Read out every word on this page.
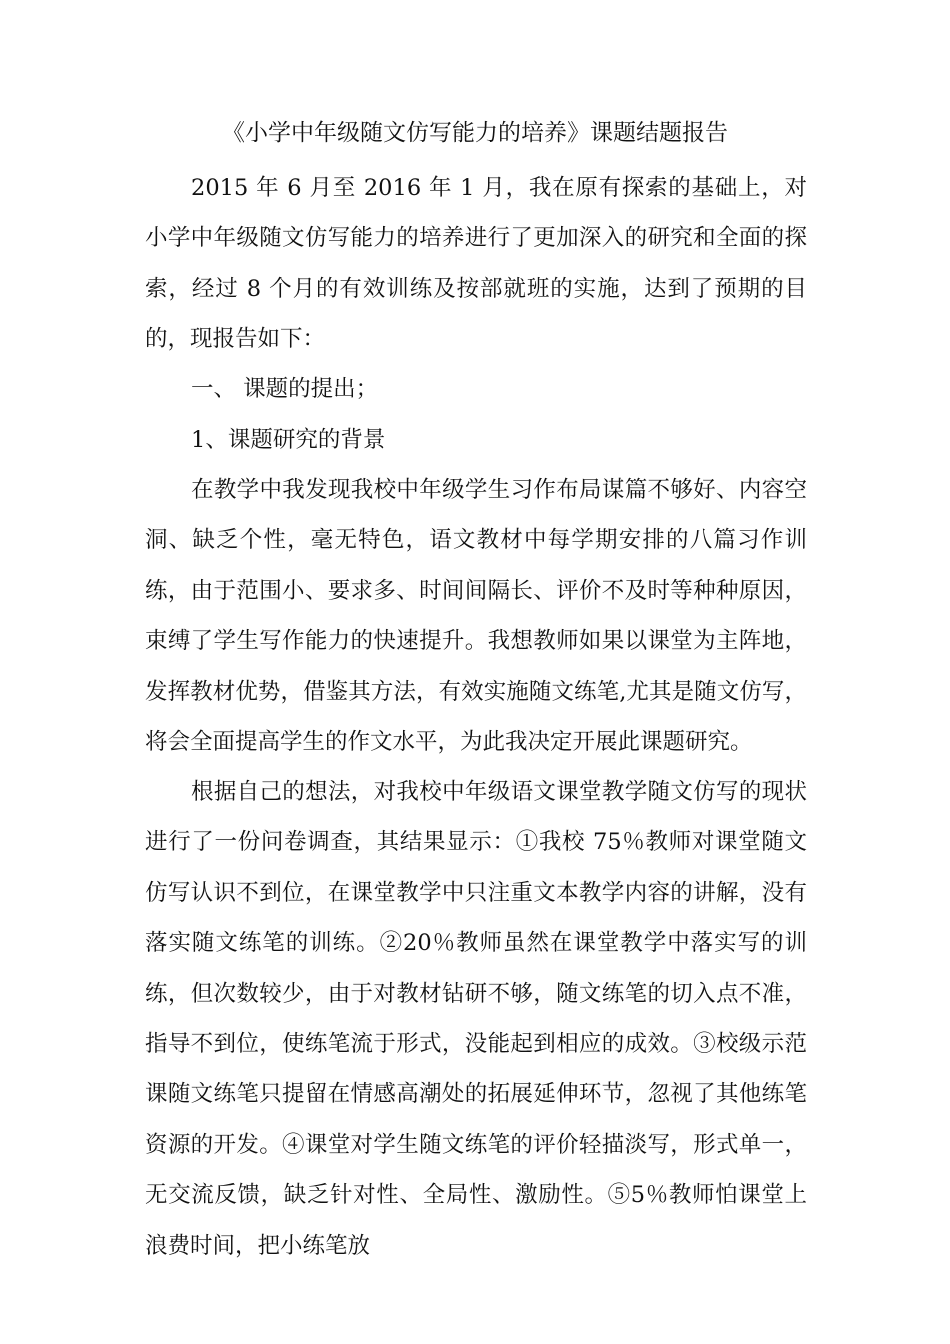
《小学中年级随文仿写能力的培养》课题结题报告

2015 年 6 月至 2016 年 1 月，我在原有探索的基础上，对小学中年级随文仿写能力的培养进行了更加深入的研究和全面的探索，经过 8 个月的有效训练及按部就班的实施，达到了预期的目的，现报告如下：

一、 课题的提出；

1、课题研究的背景

在教学中我发现我校中年级学生习作布局谋篇不够好、内容空洞、缺乏个性，毫无特色，语文教材中每学期安排的八篇习作训练，由于范围小、要求多、时间间隔长、评价不及时等种种原因，束缚了学生写作能力的快速提升。我想教师如果以课堂为主阵地，发挥教材优势，借鉴其方法，有效实施随文练笔,尤其是随文仿写，将会全面提高学生的作文水平，为此我决定开展此课题研究。

根据自己的想法，对我校中年级语文课堂教学随文仿写的现状进行了一份问卷调查，其结果显示：①我校 75％教师对课堂随文仿写认识不到位，在课堂教学中只注重文本教学内容的讲解，没有落实随文练笔的训练。②20％教师虽然在课堂教学中落实写的训练，但次数较少，由于对教材钻研不够，随文练笔的切入点不准，指导不到位，使练笔流于形式，没能起到相应的成效。③校级示范课随文练笔只提留在情感高潮处的拓展延伸环节，忽视了其他练笔资源的开发。④课堂对学生随文练笔的评价轻描淡写，形式单一，无交流反馈，缺乏针对性、全局性、激励性。⑤5％教师怕课堂上浪费时间，把小练笔放
